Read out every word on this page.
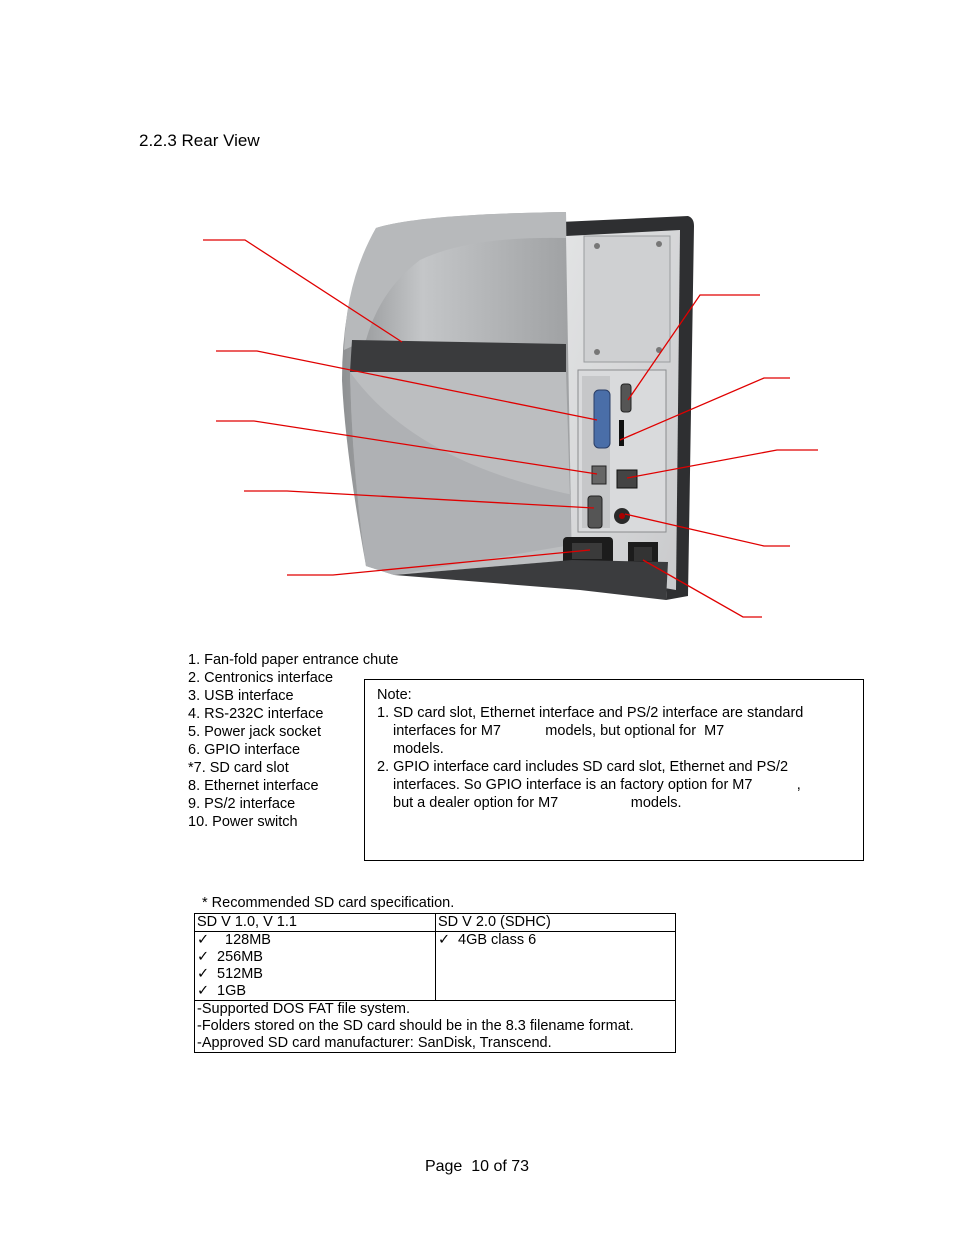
2.2.3 Rear View
1. Fan-fold paper entrance chute
2. Centronics interface
3. USB interface
4. RS-232C interface
5. Power jack socket
6. GPIO interface
*7. SD card slot
8. Ethernet interface
9. PS/2 interface
10. Power switch
Note:
1. SD card slot, Ethernet interface and PS/2 interface are standard
interfaces for M7           models, but optional for  M7
models.
2. GPIO interface card includes SD card slot, Ethernet and PS/2
interfaces. So GPIO interface is an factory option for M7           ,
but a dealer option for M7                  models.
* Recommended SD card specification.
SD V 1.0, V 1.1	SD V 2.0 (SDHC)

✓ 128MB
✓ 256MB
✓ 512MB
✓ 1GB	✓ 4GB class 6

-Supported DOS FAT file system.
-Folders stored on the SD card should be in the 8.3 filename format.
-Approved SD card manufacturer: SanDisk, Transcend.	
Page  10 of 73
